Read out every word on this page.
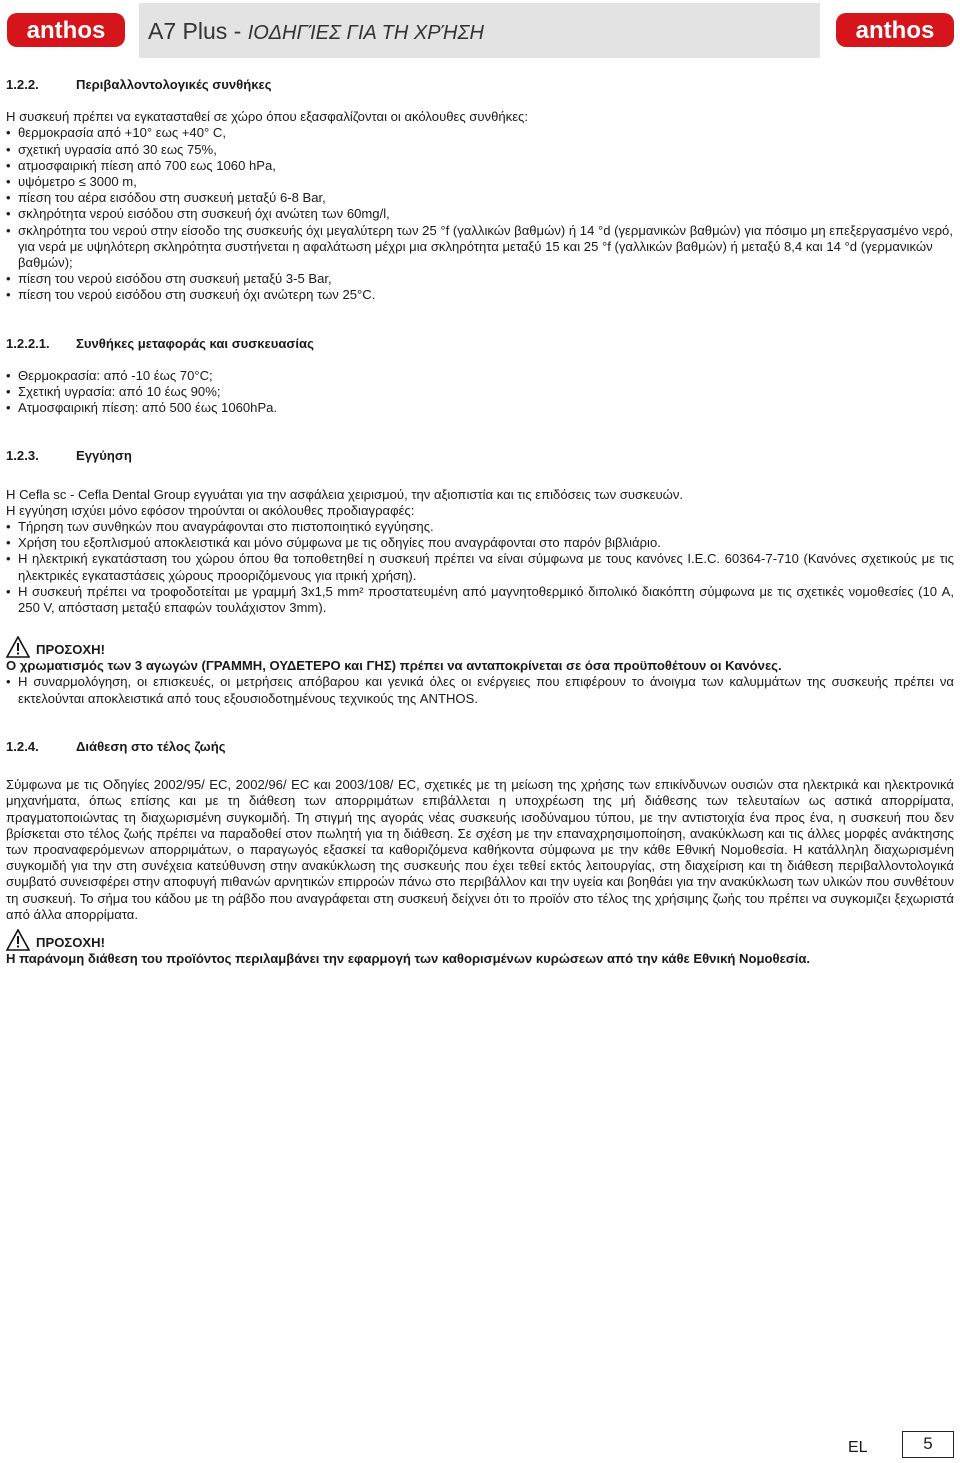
anthos A7 Plus - ΙΟΔΗΓΊΕΣ ΓΙΑ ΤΗ ΧΡΉΣΗ	anthos
1.2.2.	Περιβαλλοντολογικές συνθήκες

Η συσκευή πρέπει να εγκατασταθεί σε χώρο όπου εξασφαλίζονται οι ακόλουθες συνθήκες:

• θερμοκρασία από +10° εως +40° C,
• σχετική υγρασία από 30 εως 75%,
• ατμοσφαιρική πίεση από 700 εως 1060 hPa,
• υψόμετρο ≤ 3000 m,
• πίεση του αέρα εισόδου στη συσκευή μεταξύ 6-8 Bar,
• σκληρότητα νερού εισόδου στη συσκευή όχι ανώτεη των 60mg/l,
• σκληρότητα του νερού στην είσοδο της συσκευής όχι μεγαλύτερη των 25 °f (γαλλικών βαθμών) ή 14 °d (γερμανικών βαθμών) για πόσιμο μη επεξεργασμένο νερό, για νερά με υψηλότερη σκληρότητα συστήνεται η αφαλάτωση μέχρι μια σκληρότητα μεταξύ 15 και 25 °f (γαλλικών βαθμών) ή μεταξύ 8,4 και 14 °d (γερμανικών βαθμών);
• πίεση του νερού εισόδου στη συσκευή μεταξύ 3-5 Bar,
• πίεση του νερού εισόδου στη συσκευή όχι ανώτερη των 25°C.
1.2.2.1.	Συνθήκες μεταφοράς και συσκευασίας
• Θερμοκρασία: από -10 έως 70°C;
• Σχετική υγρασία: από 10 έως 90%;
• Ατμοσφαιρική πίεση: από 500 έως 1060hPa.
1.2.3.	Εγγύηση

Η Cefla sc - Cefla Dental Group εγγυάται για την ασφάλεια χειρισμού, την αξιοπιστία και τις επιδόσεις των συσκευών.

Η εγγύηση ισχύει μόνο εφόσον τηρούνται οι ακόλουθες προδιαγραφές:

• Τήρηση των συνθηκών που αναγράφονται στο πιστοποιητικό εγγύησης.
• Χρήση του εξοπλισμού αποκλειστικά και μόνο σύμφωνα με τις οδηγίες που αναγράφονται στο παρόν βιβλιάριο.
• Η ηλεκτρική εγκατάσταση του χώρου όπου θα τοποθετηθεί η συσκευή πρέπει να είναι σύμφωνα με τους κανόνες I.E.C. 60364-7-710 (Κανόνες σχετικούς με τις ηλεκτρικές εγκαταστάσεις χώρους προοριζόμενους για ιτρική χρήση).
• Η συσκευή πρέπει να τροφοδοτείται με γραμμή 3x1,5 mm² προστατευμένη από μαγνητοθερμικό διπολικό διακόπτη σύμφωνα με τις σχετικές νομοθεσίες (10 A, 250 V, απόσταση μεταξύ επαφών τουλάχιστον 3mm).
ΠΡΟΣΟΧΗ!

Ο χρωματισμός των 3 αγωγών (ΓΡΑΜΜΗ, ΟΥΔΕΤΕΡΟ και ΓΗΣ) πρέπει να ανταποκρίνεται σε όσα προϋποθέτουν οι Κανόνες.

• Η συναρμολόγηση, οι επισκευές, οι μετρήσεις απόβαρου και γενικά όλες οι ενέργειες που επιφέρουν το άνοιγμα των καλυμμάτων της συσκευής πρέπει να εκτελούνται αποκλειστικά από τους εξουσιοδοτημένους τεχνικούς της ANTHOS.
1.2.4.	Διάθεση στο τέλος ζωής

Σύμφωνα με τις Οδηγίες 2002/95/ EC, 2002/96/ EC και 2003/108/ EC, σχετικές με τη μείωση της χρήσης των επικίνδυνων ουσιών στα ηλεκτρικά και ηλεκτρονικά μηχανήματα, όπως επίσης και με τη διάθεση των απορριμάτων επιβάλλεται η υποχρέωση της μή διάθεσης των τελευταίων ως αστικά απορρίματα, πραγματοποιώντας τη διαχωρισμένη συγκομιδή. Τη στιγμή της αγοράς νέας συσκευής ισοδύναμου τύπου, με την αντιστοιχία ένα προς ένα, η συσκευή που δεν βρίσκεται στο τέλος ζωής πρέπει να παραδοθεί στον πωλητή για τη διάθεση. Σε σχέση με την επαναχρησιμοποίηση, ανακύκλωση και τις άλλες μορφές ανάκτησης των προαναφερόμενων απορριμάτων, ο παραγωγός εξασκεί τα καθοριζόμενα καθήκοντα σύμφωνα με την κάθε Εθνική Νομοθεσία. Η κατάλληλη διαχωρισμένη συγκομιδή για την στη συνέχεια κατεύθυνση στην ανακύκλωση της συσκευής που έχει τεθεί εκτός λειτουργίας, στη διαχείριση και τη διάθεση περιβαλλοντολογικά συμβατό συνεισφέρει στην αποφυγή πιθανών αρνητικών επιρροών πάνω στο περιβάλλον και την υγεία και βοηθάει για την ανακύκλωση των υλικών που συνθέτουν τη συσκευή. Το σήμα του κάδου με τη ράβδο που αναγράφεται στη συσκευή δείχνει ότι το προϊόν στο τέλος της χρήσιμης ζωής του πρέπει να συγκομιζει ξεχωριστά από άλλα απορρίματα.

ΠΡΟΣΟΧΗ!

Η παράνομη διάθεση του προϊόντος περιλαμβάνει την εφαρμογή των καθορισμένων κυρώσεων από την κάθε Εθνική Νομοθεσία.

EL	5
